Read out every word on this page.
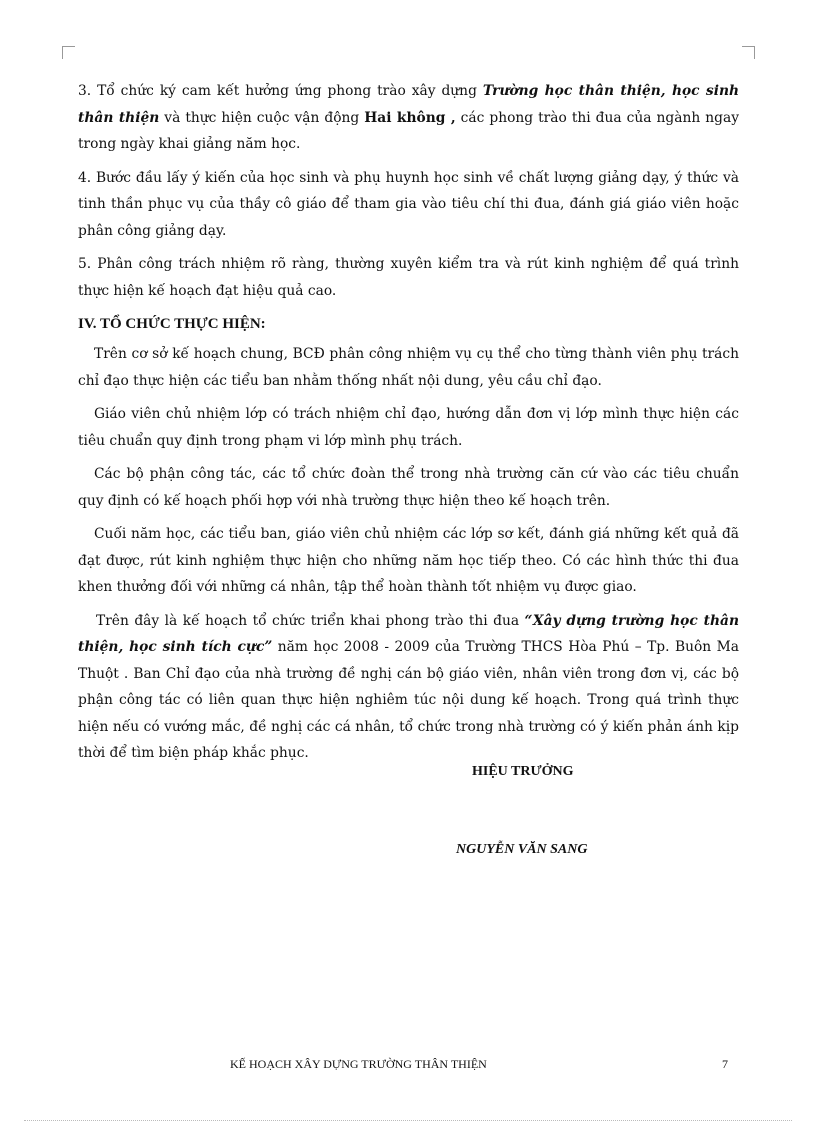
3. Tổ chức ký cam kết hưởng ứng phong trào xây dựng Trường học thân thiện, học sinh thân thiện và thực hiện cuộc vận động Hai không , các phong trào thi đua của ngành ngay trong ngày khai giảng năm học.

4. Bước đầu lấy ý kiến của học sinh và phụ huynh học sinh về chất lượng giảng dạy, ý thức và tinh thần phục vụ của thầy cô giáo để tham gia vào tiêu chí thi đua, đánh giá giáo viên hoặc phân công giảng dạy.

5. Phân công trách nhiệm rõ ràng, thường xuyên kiểm tra và rút kinh nghiệm để quá trình thực hiện kế hoạch đạt hiệu quả cao.

IV. TỔ CHỨC THỰC HIỆN:

Trên cơ sở kế hoạch chung, BCĐ phân công nhiệm vụ cụ thể cho từng thành viên phụ trách chỉ đạo thực hiện các tiểu ban nhằm thống nhất nội dung, yêu cầu chỉ đạo.

Giáo viên chủ nhiệm lớp có trách nhiệm chỉ đạo, hướng dẫn đơn vị lớp mình thực hiện các tiêu chuẩn quy định trong phạm vi lớp mình phụ trách.

Các bộ phận công tác, các tổ chức đoàn thể trong nhà trường căn cứ vào các tiêu chuẩn quy định có kế hoạch phối hợp với nhà trường thực hiện theo kế hoạch trên.

Cuối năm học, các tiểu ban, giáo viên chủ nhiệm các lớp sơ kết, đánh giá những kết quả đã đạt được, rút kinh nghiệm thực hiện cho những năm học tiếp theo. Có các hình thức thi đua khen thưởng đối với những cá nhân, tập thể hoàn thành tốt nhiệm vụ được giao.

Trên đây là kế hoạch tổ chức triển khai phong trào thi đua “Xây dựng trường học thân thiện, học sinh tích cực” năm học 2008 - 2009 của Trường THCS Hòa Phú – Tp. Buôn Ma Thuột . Ban Chỉ đạo của nhà trường đề nghị cán bộ giáo viên, nhân viên trong đơn vị, các bộ phận công tác có liên quan thực hiện nghiêm túc nội dung kế hoạch. Trong quá trình thực hiện nếu có vướng mắc, đề nghị các cá nhân, tổ chức trong nhà trường có ý kiến phản ánh kịp thời để tìm biện pháp khắc phục.

HIỆU TRƯỞNG
NGUYỄN VĂN SANG
KẾ HOẠCH XÂY DỰNG TRƯỜNG THÂN THIỆN	7
